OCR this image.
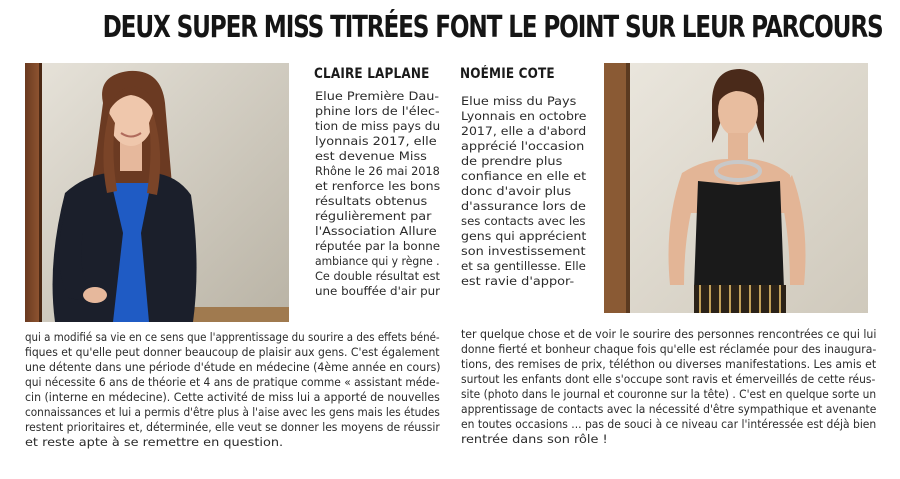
DEUX SUPER MISS TITRÉES FONT LE POINT SUR LEUR PARCOURS
CLAIRE LAPLANE NOÉMIE COTE
Elue Première Dau-
phine lors de l'élec-
tion de miss pays du
lyonnais 2017, elle
est devenue Miss
Rhône le 26 mai 2018
et renforce les bons
résultats obtenus
régulièrement par
l'Association Allure
réputée par la bonne
ambiance qui y règne .
Ce double résultat est
une bouffée d'air pur
qui a modifié sa vie en ce sens que l'apprentissage du sourire a des effets béné-
fiques et qu'elle peut donner beaucoup de plaisir aux gens. C'est également
une détente dans une période d'étude en médecine (4ème année en cours)
qui nécessite 6 ans de théorie et 4 ans de pratique comme « assistant méde-
cin (interne en médecine). Cette activité de miss lui a apporté de nouvelles
connaissances et lui a permis d'être plus à l'aise avec les gens mais les études
restent prioritaires et, déterminée, elle veut se donner les moyens de réussir
et reste apte à se remettre en question.
Elue miss du Pays
Lyonnais en octobre
2017, elle a d'abord
apprécié l'occasion
de prendre plus
confiance en elle et
donc d'avoir plus
d'assurance lors de
ses contacts avec les
gens qui apprécient
son investissement
et sa gentillesse. Elle
est ravie d'appor-
ter quelque chose et de voir le sourire des personnes rencontrées ce qui lui
donne fierté et bonheur chaque fois qu'elle est réclamée pour des inaugura-
tions, des remises de prix, téléthon ou diverses manifestations. Les amis et
surtout les enfants dont elle s'occupe sont ravis et émerveillés de cette réus-
site (photo dans le journal et couronne sur la tête) . C'est en quelque sorte un
apprentissage de contacts avec la nécessité d'être sympathique et avenante
en toutes occasions ... pas de souci à ce niveau car l'intéressée est déjà bien
rentrée dans son rôle !
